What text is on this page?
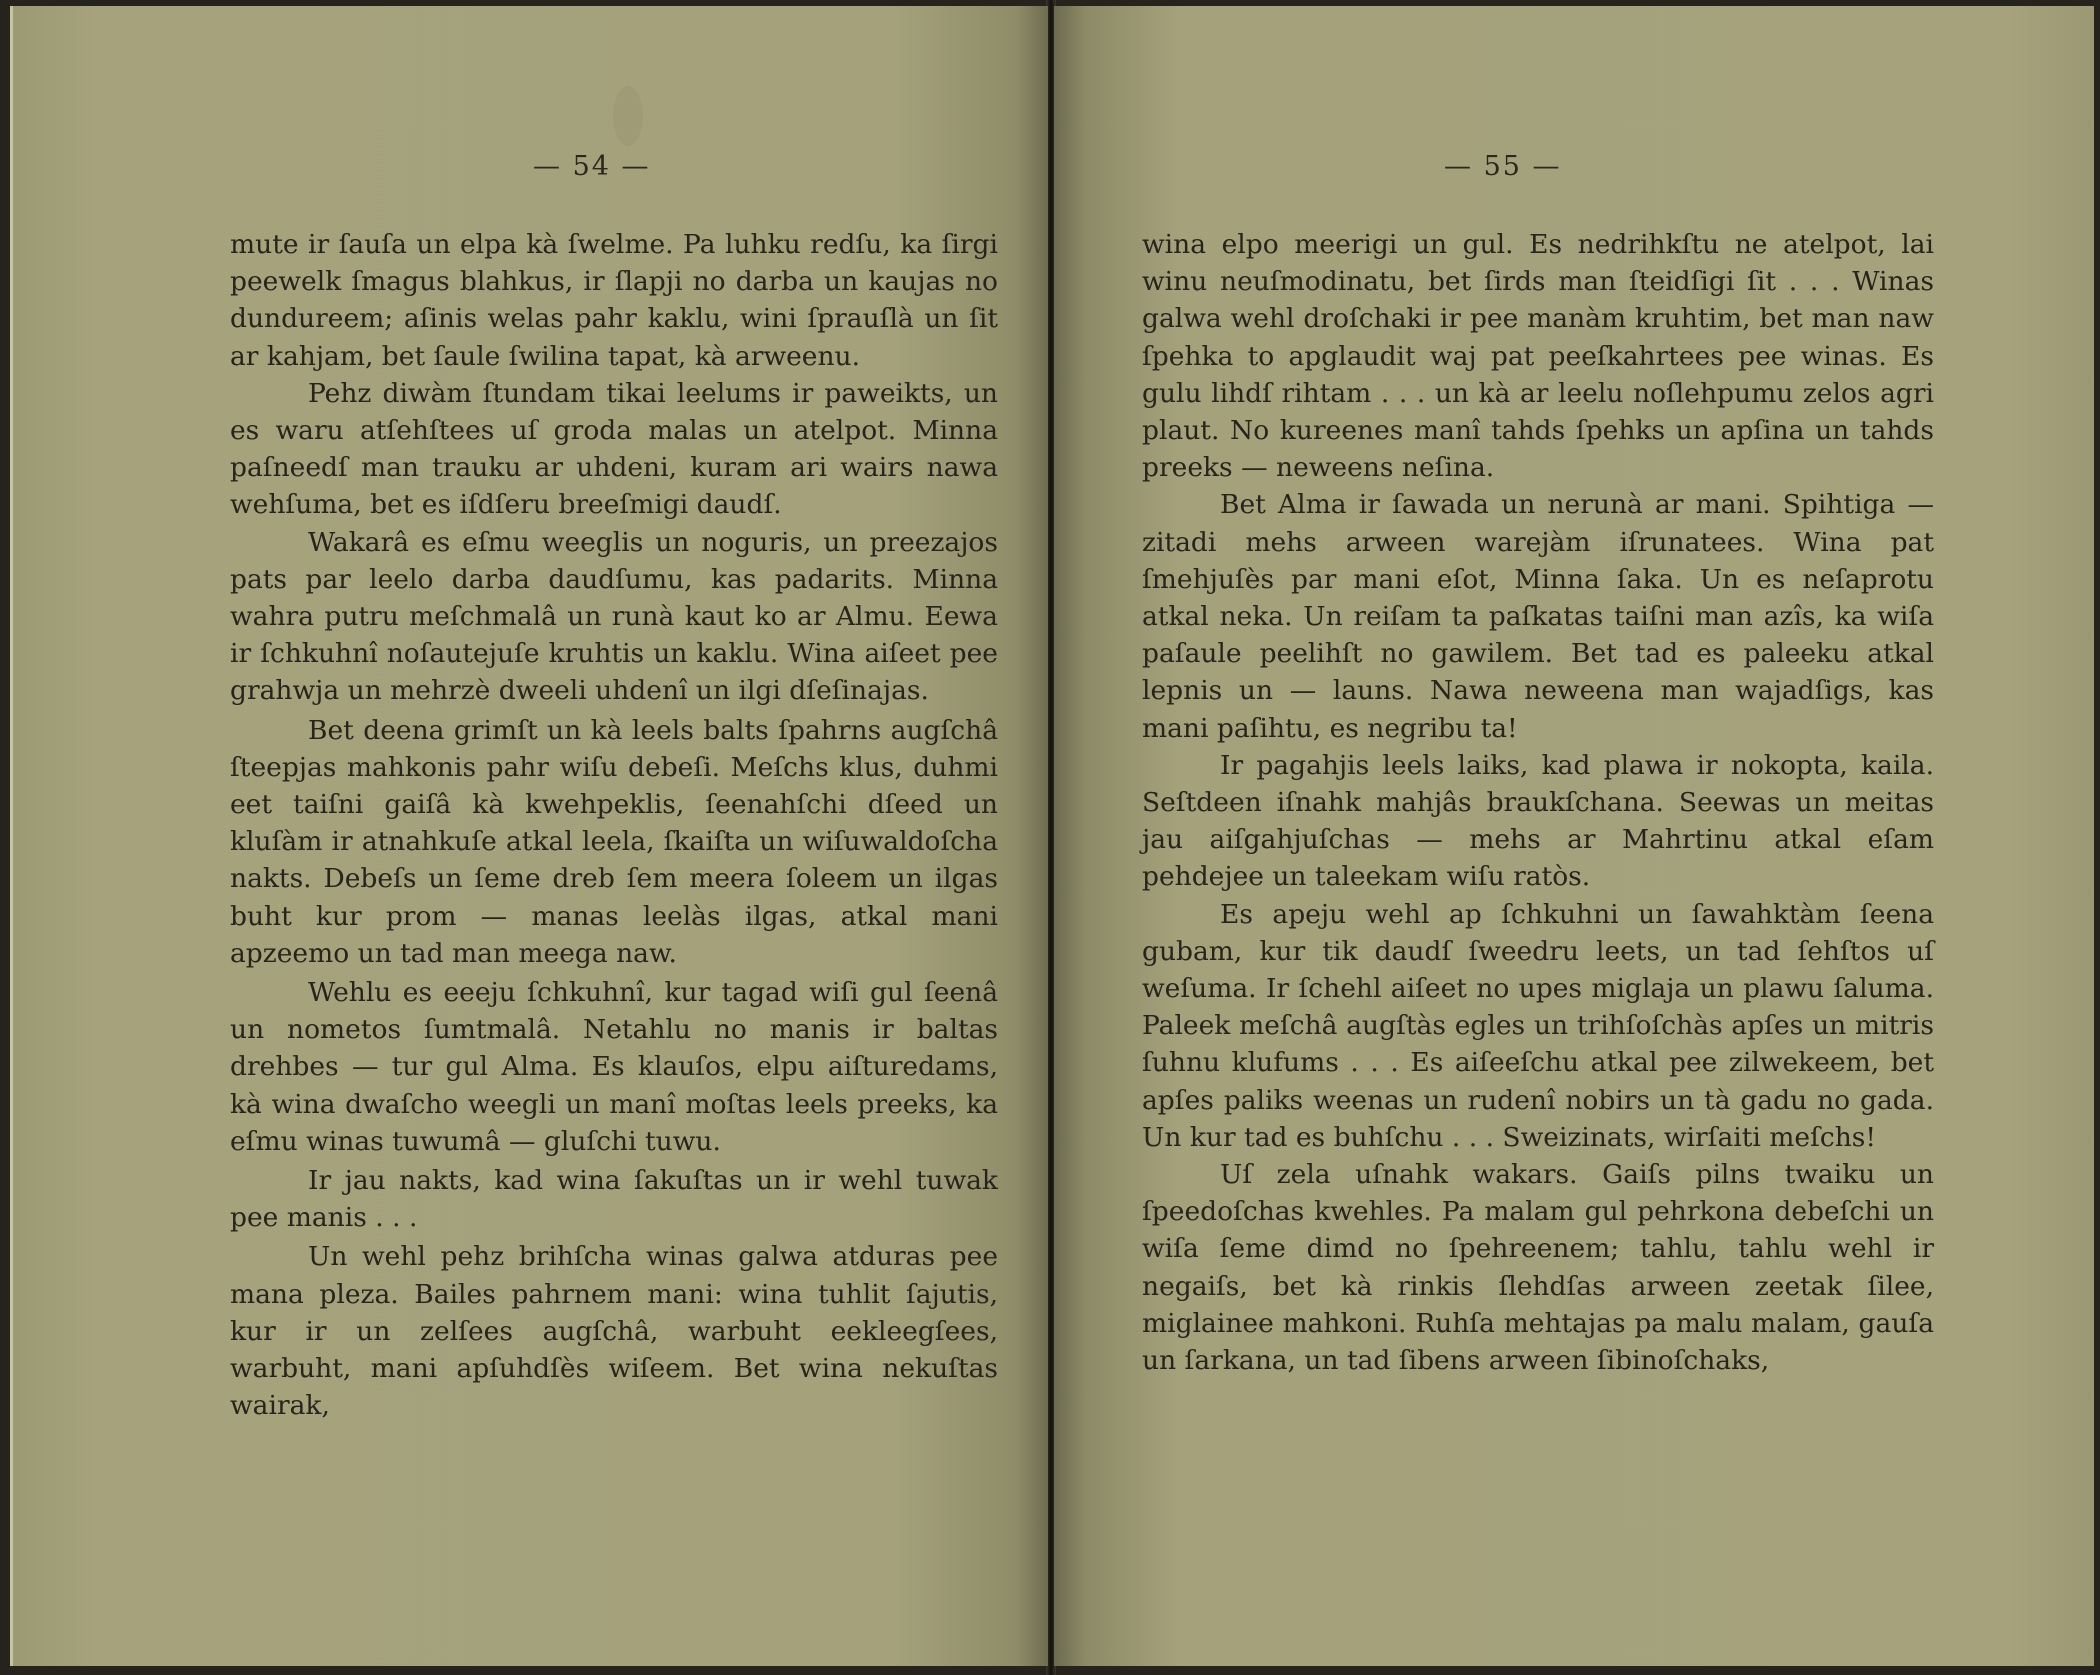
— 54 —

mute ir ſauſa un elpa kà ſwelme. Pa luhku redſu, ka ſirgi peewelk ſmagus blahkus, ir ſlapji no darba un kaujas no dundureem; aſinis welas pahr kaklu, wini ſprauſlà un ſit ar kahjam, bet ſaule ſwilina tapat, kà arweenu.

Pehz diwàm ſtundam tikai leelums ir paweikts, un es waru atſehſtees uſ groda malas un atelpot. Minna paſneedſ man trauku ar uhdeni, kuram ari wairs nawa wehſuma, bet es iſdſeru breeſmigi daudſ.

Wakarâ es eſmu weeglis un noguris, un preezajos pats par leelo darba daudſumu, kas padarits. Minna wahra putru meſchmalâ un runà kaut ko ar Almu. Eewa ir ſchkuhnî noſautejuſe kruhtis un kaklu. Wina aiſeet pee grahwja un mehrzè dweeli uhdenî un ilgi dſeſinajas.

Bet deena grimſt un kà leels balts ſpahrns augſchâ ſteepjas mahkonis pahr wiſu debeſi. Meſchs klus, duhmi eet taiſni gaiſâ kà kwehpeklis, ſeenahſchi dſeed un kluſàm ir atnahkuſe atkal leela, ſkaiſta un wiſuwaldoſcha nakts. Debeſs un ſeme dreb ſem meera ſoleem un ilgas buht kur prom — manas leelàs ilgas, atkal mani apzeemo un tad man meega naw.

Wehlu es eeeju ſchkuhnî, kur tagad wiſi gul ſeenâ un nometos ſumtmalâ. Netahlu no manis ir baltas drehbes — tur gul Alma. Es klauſos, elpu aiſturedams, kà wina dwaſcho weegli un manî moſtas leels preeks, ka eſmu winas tuwumâ — gluſchi tuwu.

Ir jau nakts, kad wina ſakuſtas un ir wehl tuwak pee manis . . .

Un wehl pehz brihſcha winas galwa atduras pee mana pleza. Bailes pahrnem mani: wina tuhlit ſajutis, kur ir un zelſees augſchâ, warbuht eekleegſees, warbuht, mani apſuhdſès wiſeem. Bet wina nekuſtas wairak,

— 55 —

wina elpo meerigi un gul. Es nedrihkſtu ne atelpot, lai winu neuſmodinatu, bet ſirds man ſteidſigi ſit . . . Winas galwa wehl droſchaki ir pee manàm kruhtim, bet man naw ſpehka to apglaudit waj pat peeſkahrtees pee winas. Es gulu lihdſ rihtam . . . un kà ar leelu noſlehpumu zelos agri plaut. No kureenes manî tahds ſpehks un apſina un tahds preeks — neweens neſina.

Bet Alma ir ſawada un nerunà ar mani. Spihtiga — zitadi mehs arween warejàm iſrunatees. Wina pat ſmehjuſès par mani eſot, Minna ſaka. Un es neſaprotu atkal neka. Un reiſam ta paſkatas taiſni man azîs, ka wiſa paſaule peelihſt no gawilem. Bet tad es paleeku atkal lepnis un — launs. Nawa neweena man wajadſigs, kas mani paſihtu, es negribu ta!

Ir pagahjis leels laiks, kad plawa ir nokopta, kaila. Seſtdeen iſnahk mahjâs braukſchana. Seewas un meitas jau aiſgahjuſchas — mehs ar Mahrtinu atkal eſam pehdejee un taleekam wiſu ratòs.

Es apeju wehl ap ſchkuhni un ſawahktàm ſeena gubam, kur tik daudſ ſweedru leets, un tad ſehſtos uſ weſuma. Ir ſchehl aiſeet no upes miglaja un plawu ſaluma. Paleek meſchâ augſtàs egles un trihſoſchàs apſes un mitris ſuhnu klufums . . . Es aiſeeſchu atkal pee zilwekeem, bet apſes paliks weenas un rudenî nobirs un tà gadu no gada. Un kur tad es buhſchu . . . Sweizinats, wirſaiti meſchs!

Uſ zela uſnahk wakars. Gaiſs pilns twaiku un ſpeedoſchas kwehles. Pa malam gul pehrkona debeſchi un wiſa ſeme dimd no ſpehreenem; tahlu, tahlu wehl ir negaiſs, bet kà rinkis ſlehdſas arween zeetak ſilee, miglainee mahkoni. Ruhſa mehtajas pa malu malam, gauſa un ſarkana, un tad ſibens arween ſibinoſchaks,
